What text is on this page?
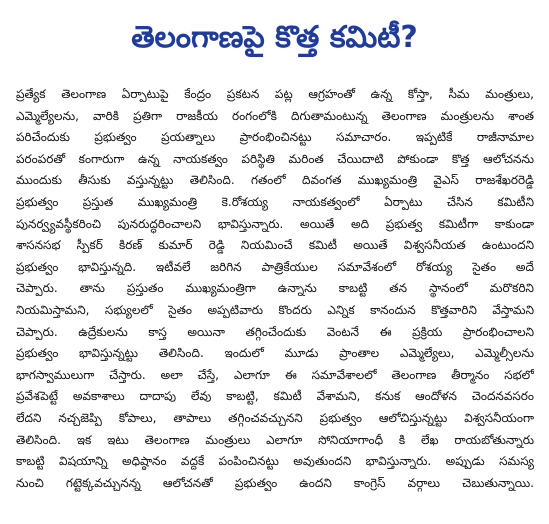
తెలంగాణపై కొత్త కమిటీ?
ప్రత్యేక తెలంగాణ ఏర్పాటుపై కేంద్రం ప్రకటన పట్ల ఆగ్రహంతో ఉన్న కోస్తా, సీమ మంత్రులు,
ఎమ్మెల్యేలను, వారికి ప్రతిగా రాజకీయ రంగంలోకి దిగుతామంటున్న తెలంగాణ మంత్రులను శాంత
పరిచేందుకు ప్రభుత్వం ప్రయత్నాలు ప్రారంభించినట్టు సమాచారం. ఇప్పటికే రాజీనామాల
పరంపరతో కంగారుగా ఉన్న నాయకత్వం పరిస్థితి మరింత చేయిదాటి పోకుండా కొత్త ఆలోచనను
ముందుకు తీసుకు వస్తున్నట్టు తెలిసింది. గతంలో దివంగత ముఖ్యమంత్రి వైఎస్ రాజశేఖరరెడ్డి
ప్రభుత్వం ప్రస్తుత ముఖ్యమంత్రి కె.రోశయ్య నాయకత్వంలో ఏర్పాటు చేసిన కమిటీని
పునర్వ్యవస్థీకరించి పునరుద్ధరించాలని భావిస్తున్నారు. అయితే అది ప్రభుత్వ కమిటీగా కాకుండా
శాసనసభ స్పీకర్ కిరణ్ కుమార్ రెడ్డి నియమించే కమిటీ అయితే విశ్వసనీయత ఉంటుందని
ప్రభుత్వం భావిస్తున్నది. ఇటీవలే జరిగిన పాత్రికేయుల సమావేశంలో రోశయ్య సైతం అదే
చెప్పారు. తాను ప్రస్తుతం ముఖ్యమంత్రిగా ఉన్నాను కాబట్టి తన స్థానంలో మరొకరిని
నియమిస్తామని, సభ్యులలో సైతం అప్పటివారు కొందరు ఎన్నిక కానందున కొత్తవారిని వేస్తామని
చెప్పారు. ఉద్రేకులను కాస్త అయినా తగ్గించేందుకు వెంటనే ఈ ప్రక్రియ ప్రారంభించాలని
ప్రభుత్వం భావిస్తున్నట్టు తెలిసింది. ఇందులో మూడు ప్రాంతాల ఎమ్మెల్యేలు, ఎమ్మెల్సీలను
భాగస్వాములుగా చేస్తారు. అలా చేస్తే, ఎలాగూ ఈ సమావేశాలలో తెలంగాణ తీర్మానం సభలో
ప్రవేశపెట్టే అవకాశాలు దాదాపు లేవు కాబట్టి, కమిటీ వేశామని, కనుక ఆందోళన చెందనవసరం
లేదని నచ్చజెప్పి కోపాలు, తాపాలు తగ్గించవచ్చునని ప్రభుత్వం ఆలోచిస్తున్నట్టు విశ్వసనీయంగా
తెలిసింది. ఇక ఇటు తెలంగాణ మంత్రులు ఎలాగూ సోనియాగాంధీ కి లేఖ రాయబోతున్నారు
కాబట్టి విషయాన్ని అధిష్ఠానం వద్దకే పంపించినట్టు అవుతుందని భావిస్తున్నారు. అప్పుడు సమస్య
నుంచి గట్టెక్కవచ్చునన్న ఆలోచనతో ప్రభుత్వం ఉందని కాంగ్రెస్ వర్గాలు చెబుతున్నాయి.
